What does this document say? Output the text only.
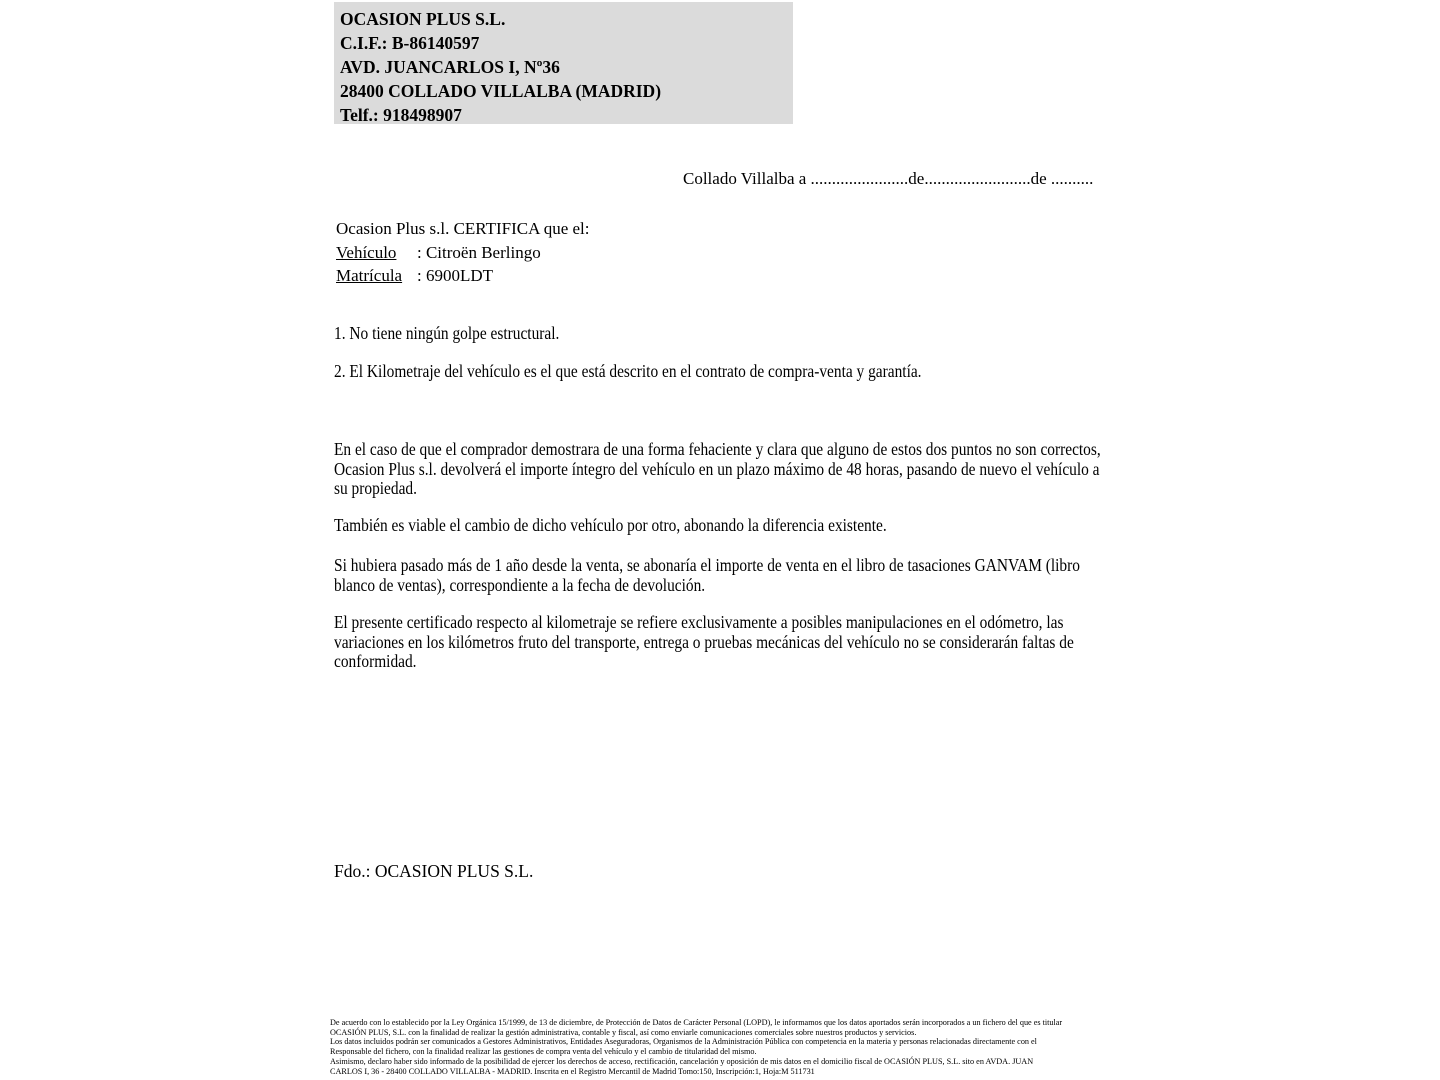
OCASION PLUS S.L.
C.I.F.: B-86140597
AVD. JUANCARLOS I, Nº36
28400 COLLADO VILLALBA (MADRID)
Telf.: 918498907
Collado Villalba a .......................de.........................de ..........
Ocasion Plus s.l. CERTIFICA que el:
Vehículo : Citroën Berlingo
Matrícula : 6900LDT
1. No tiene ningún golpe estructural.
2. El Kilometraje del vehículo es el que está descrito en el contrato de compra-venta y garantía.
En el caso de que el comprador demostrara de una forma fehaciente y clara que alguno de estos dos puntos no son correctos, Ocasion Plus s.l. devolverá el importe íntegro del vehículo en un plazo máximo de 48 horas, pasando de nuevo el vehículo a su propiedad.
También es viable el cambio de dicho vehículo por otro, abonando la diferencia existente.
Si hubiera pasado más de 1 año desde la venta, se abonaría el importe de venta en el libro de tasaciones GANVAM (libro blanco de ventas), correspondiente a la fecha de devolución.
El presente certificado respecto al kilometraje se refiere exclusivamente a posibles manipulaciones en el odómetro, las variaciones en los kilómetros fruto del transporte, entrega o pruebas mecánicas del vehículo no se considerarán faltas de conformidad.
Fdo.: OCASION PLUS S.L.
De acuerdo con lo establecido por la Ley Orgánica 15/1999, de 13 de diciembre, de Protección de Datos de Carácter Personal (LOPD), le informamos que los datos aportados serán incorporados a un fichero del que es titular
OCASIÓN PLUS, S.L. con la finalidad de realizar la gestión administrativa, contable y fiscal, así como enviarle comunicaciones comerciales sobre nuestros productos y servicios.
Los datos incluidos podrán ser comunicados a Gestores Administrativos, Entidades Aseguradoras, Organismos de la Administración Pública con competencia en la materia y personas relacionadas directamente con el
Responsable del fichero, con la finalidad realizar las gestiones de compra venta del vehículo y el cambio de titularidad del mismo.
Asimismo, declaro haber sido informado de la posibilidad de ejercer los derechos de acceso, rectificación, cancelación y oposición de mis datos en el domicilio fiscal de OCASIÓN PLUS, S.L. sito en AVDA. JUAN
CARLOS I, 36 - 28400 COLLADO VILLALBA - MADRID. Inscrita en el Registro Mercantil de Madrid Tomo:150, Inscripción:1, Hoja:M 511731
